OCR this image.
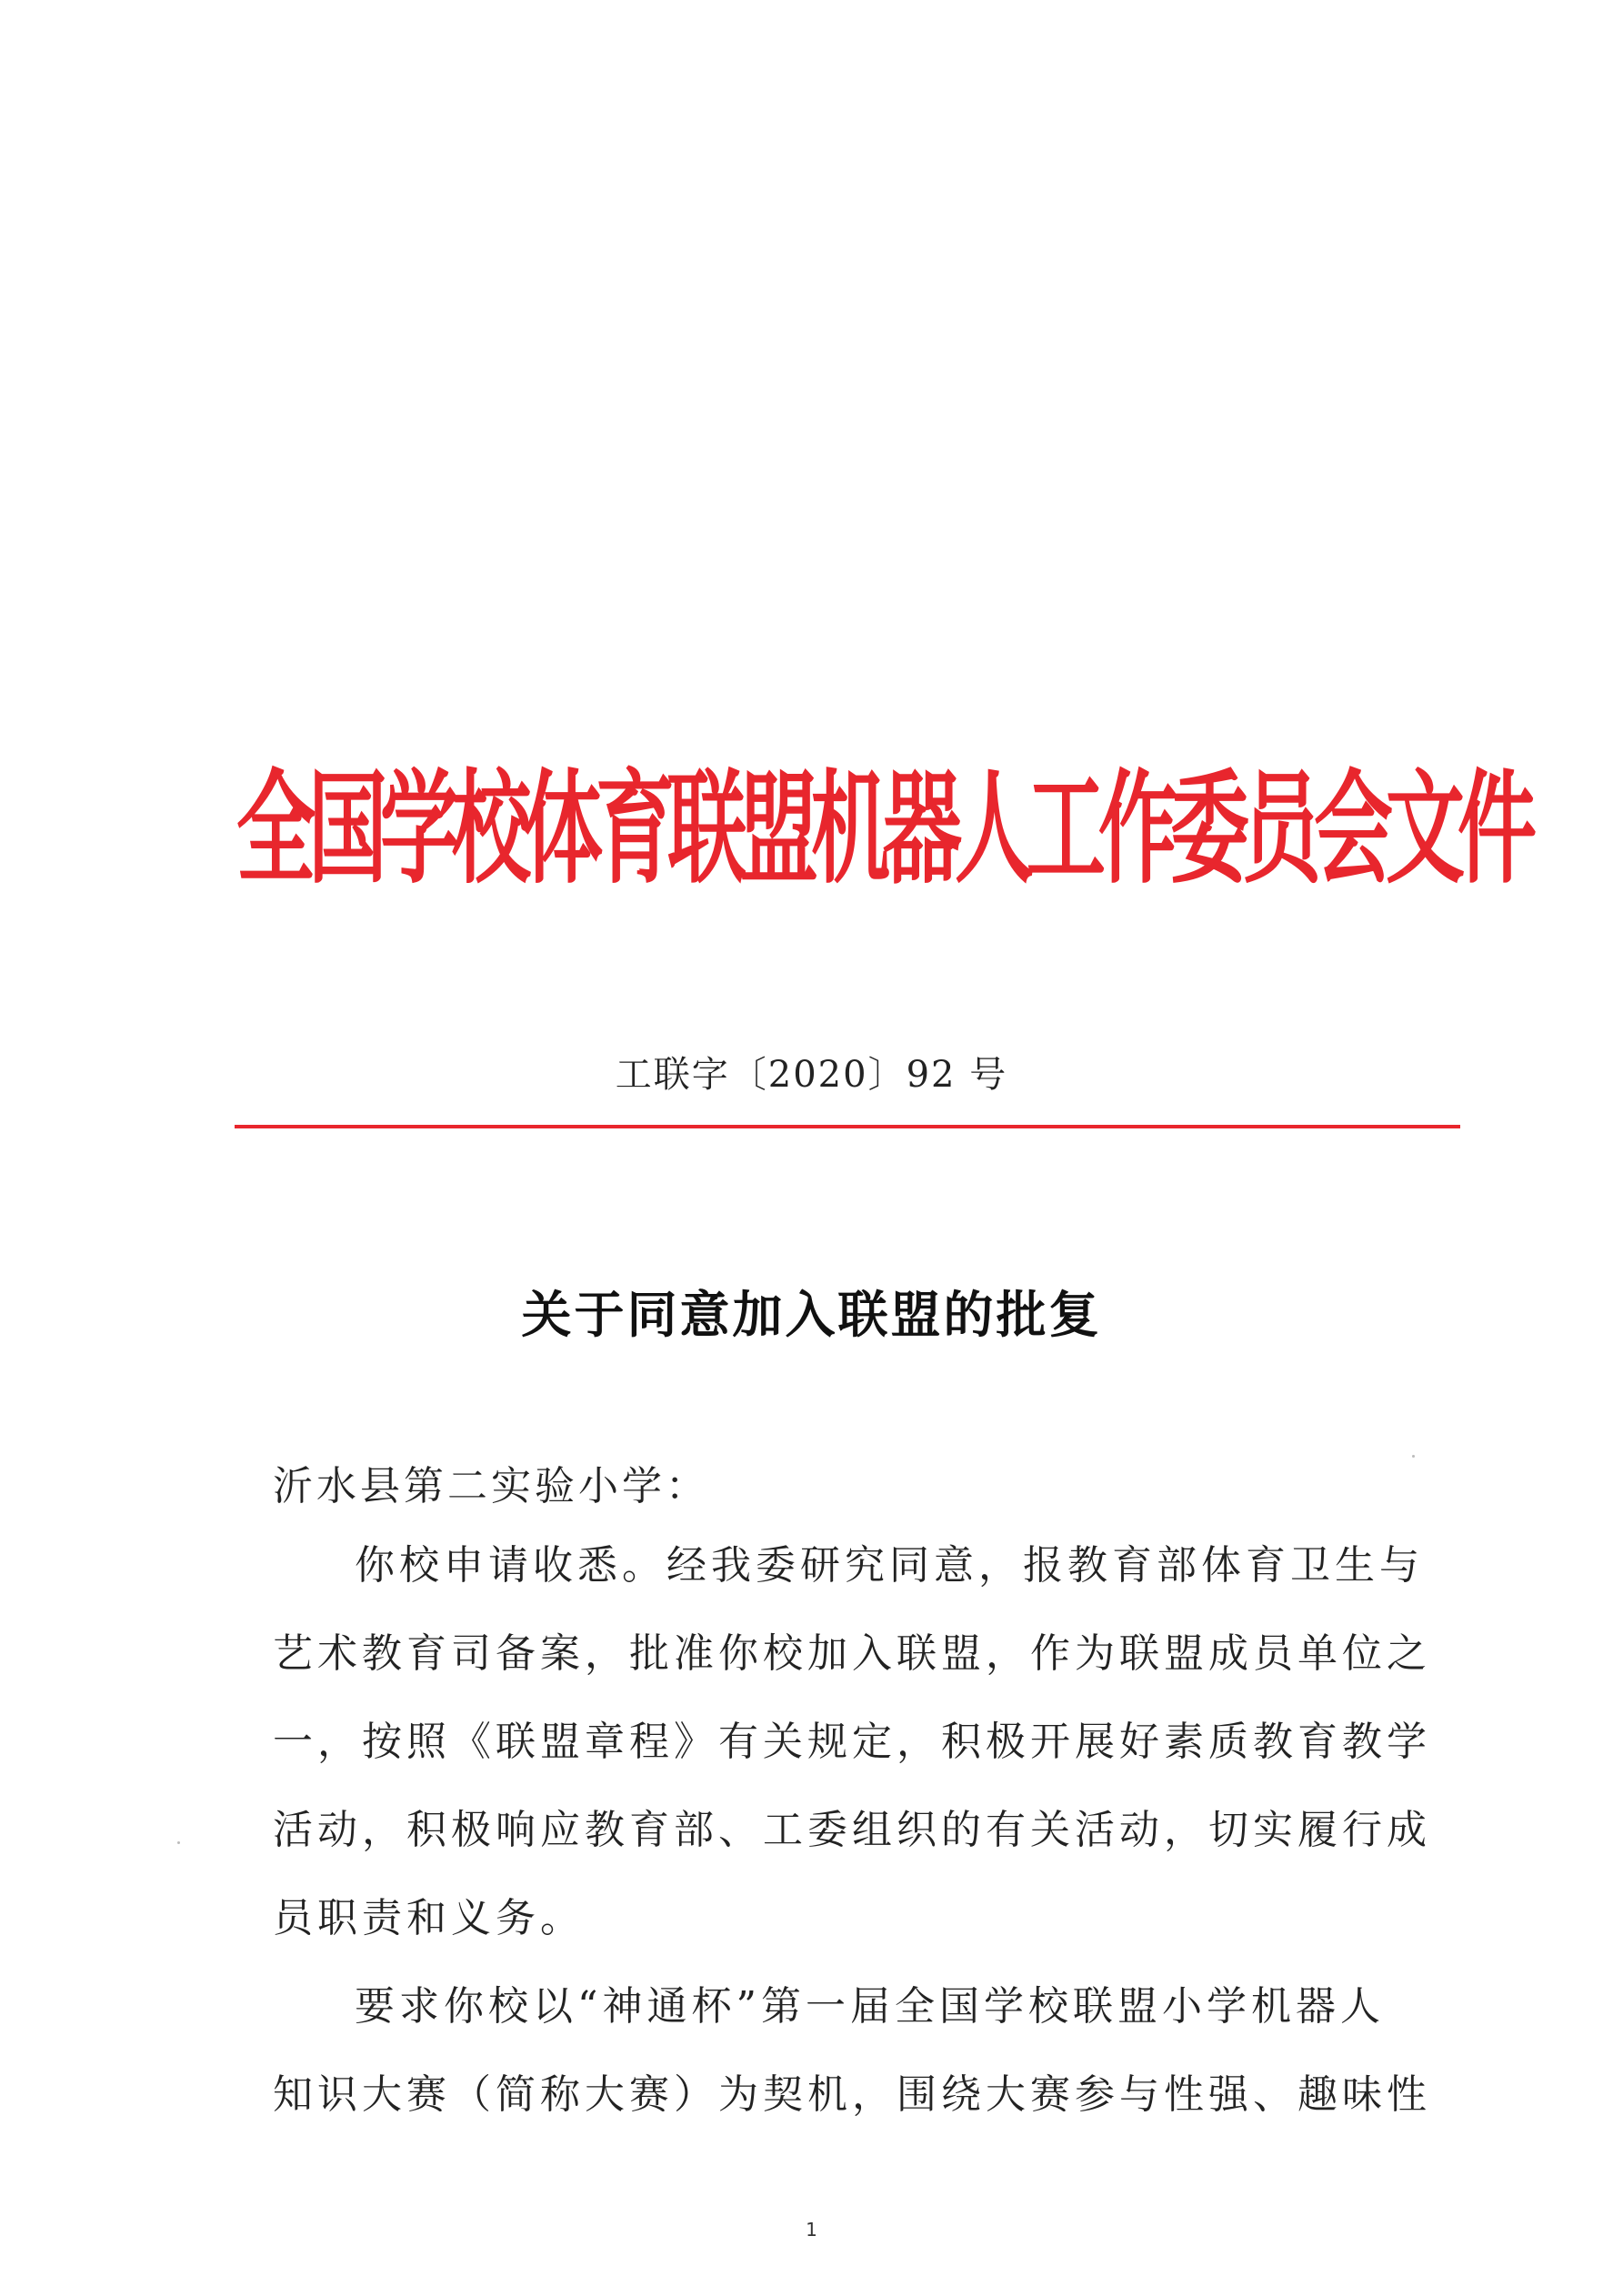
全国学校体育联盟机器人工作委员会文件
工联字〔2020〕92 号
关于同意加入联盟的批复
沂水县第二实验小学：
你校申请收悉。经我委研究同意，报教育部体育卫生与
艺术教育司备案，批准你校加入联盟，作为联盟成员单位之
一，按照《联盟章程》有关规定，积极开展好素质教育教学
活动，积极响应教育部、工委组织的有关活动，切实履行成
员职责和义务。
要求你校以“神通杯”第一届全国学校联盟小学机器人
知识大赛（简称大赛）为契机，围绕大赛参与性强、趣味性
1
